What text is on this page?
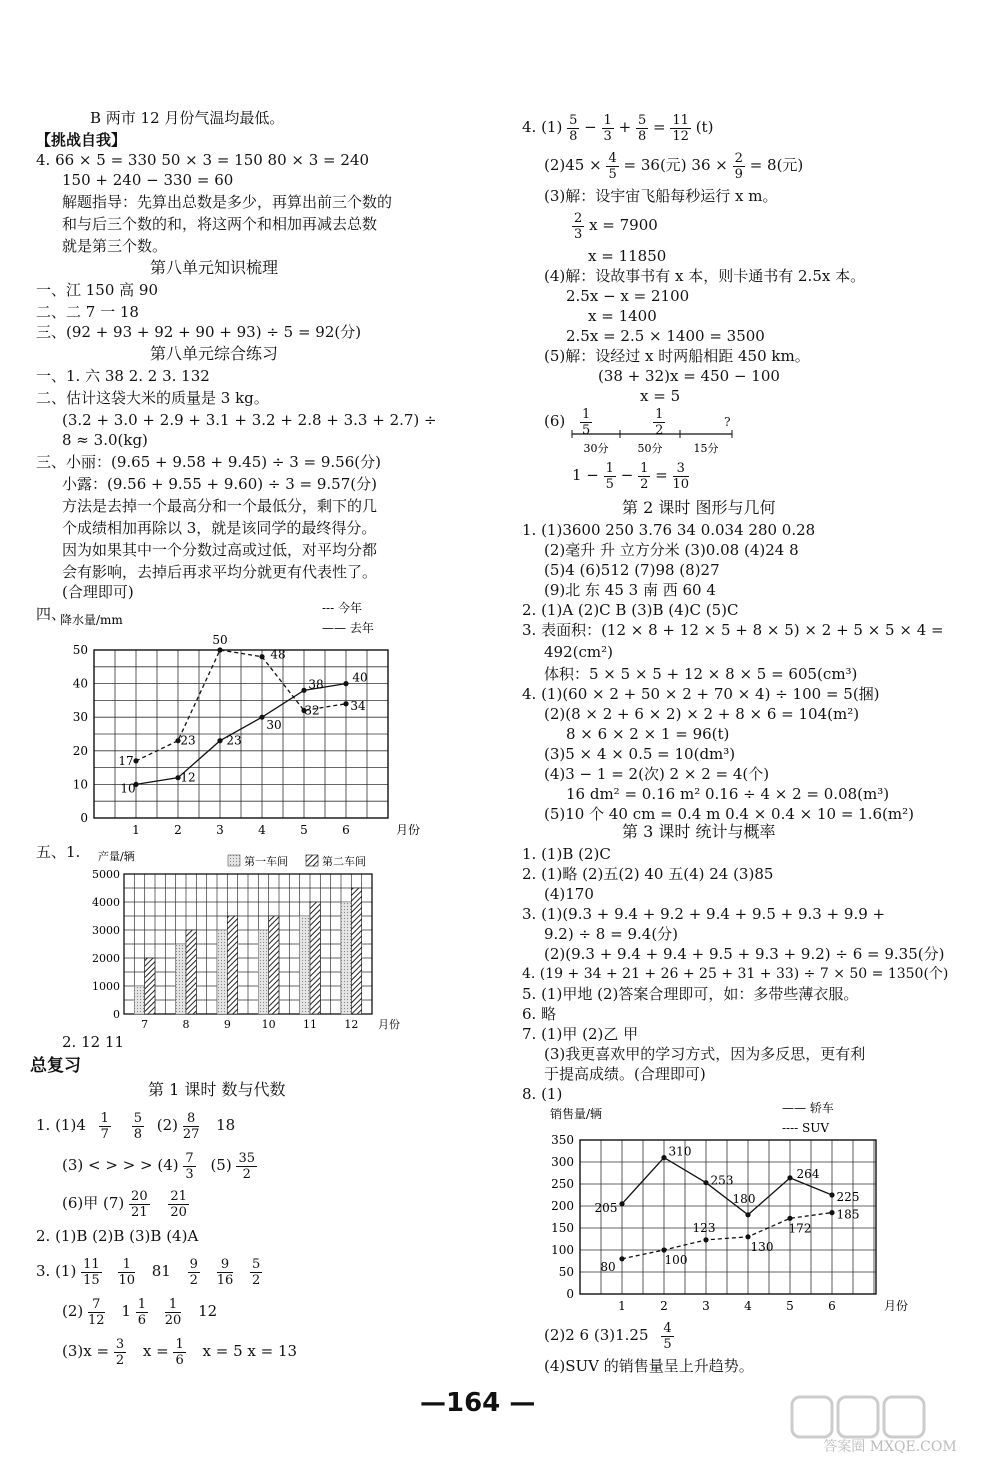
B 两市 12 月份气温均最低。
【挑战自我】
4. 66 × 5 = 330 50 × 3 = 150 80 × 3 = 240
150 + 240 − 330 = 60
解题指导：先算出总数是多少，再算出前三个数的
和与后三个数的和，将这两个和相加再减去总数
就是第三个数。
第八单元知识梳理
一、江 150 高 90
二、二 7 一 18
三、(92 + 93 + 92 + 90 + 93) ÷ 5 = 92(分)
第八单元综合练习
一、1. 六 38 2. 2 3. 132
二、估计这袋大米的质量是 3 kg。
(3.2 + 3.0 + 2.9 + 3.1 + 3.2 + 2.8 + 3.3 + 2.7) ÷
8 ≈ 3.0(kg)
三、小丽：(9.65 + 9.58 + 9.45) ÷ 3 = 9.56(分)
小露：(9.56 + 9.55 + 9.60) ÷ 3 = 9.57(分)
方法是去掉一个最高分和一个最低分，剩下的几
个成绩相加再除以 3，就是该同学的最终得分。
因为如果其中一个分数过高或过低，对平均分都
会有影响，去掉后再求平均分就更有代表性了。
(合理即可)
四、
0
10
20
30
40
50
1	2	3	4	5	6
降水量/mm
月份
17
23
50
48
32	34
10
12
23
30
38 40
--- 今年
—— 去年
五、1.
0
1000
2000
3000
4000
5000
7	8	9	10 11 12
产量/辆
月份
第一车间	第二车间
2. 12 11
总复习
第 1 课时 数与代数
1. $(1)4 \frac{1}{7}$
$\frac{5}{8} (2) \frac{8}{27} 18$
(3) < > > > $(4) \frac{7}{3} (5) \frac{35}{2}$
(6)甲 $(7) \frac{20}{21}$
$\frac{21}{20}$
2. (1)B (2)B (3)B (4)A
3. $(1) \frac{11}{15}$
$\frac{1}{10} 81 \frac{9}{2}$
$\frac{9}{16}$
$\frac{5}{2}$
$(2) \frac{7}{12} 1 \frac{1}{6}$
$\frac{1}{20} 12$
$(3)x = \frac{3}{2}$ $x = \frac{1}{6}$ x = 5 x = 13
4. $(1) \frac{5}{8} - \frac{1}{3} + \frac{5}{8} = \frac{11}{12} (t)$
$(2)45 \times \frac{4}{5} = 36$(元) $36 \times \frac{2}{9} = 8$(元)
(3)解：设宇宙飞船每秒运行 x m。
$\frac{2}{3}$ x = 7900
x = 11850
(4)解：设故事书有 x 本，则卡通书有 2.5x 本。
2.5x − x = 2100
x = 1400
2.5x = 2.5 × 1400 = 3500
(5)解：设经过 x 时两船相距 450 km。
(38 + 32)x = 450 − 100
x = 5
$(6) \frac{1}{5}$
	$\frac{1}{2}$	?
30分	50分	15分
$1 - \frac{1}{5} - \frac{1}{2} = \frac{3}{10}$
第 2 课时 图形与几何
1. (1)3600 250 3.76 34 0.034 280 0.28
(2)毫升 升 立方分米 (3)0.08 (4)24 8
(5)4 (6)512 (7)98 (8)27
(9)北 东 45 3 南 西 60 4
2. (1)A (2)C B (3)B (4)C (5)C
3. 表面积：(12 × 8 + 12 × 5 + 8 × 5) × 2 + 5 × 5 × 4 =
492(cm²)
体积：5 × 5 × 5 + 12 × 8 × 5 = 605(cm³)
4. (1)(60 × 2 + 50 × 2 + 70 × 4) ÷ 100 = 5(捆)
(2)(8 × 2 + 6 × 2) × 2 + 8 × 6 = 104(m²)
8 × 6 × 2 × 1 = 96(t)
(3)5 × 4 × 0.5 = 10(dm³)
(4)3 − 1 = 2(次) 2 × 2 = 4(个)
16 dm² = 0.16 m² 0.16 ÷ 4 × 2 = 0.08(m³)
(5)10 个 40 cm = 0.4 m 0.4 × 0.4 × 10 = 1.6(m²)
第 3 课时 统计与概率
1. (1)B (2)C
2. (1)略 (2)五(2) 40 五(4) 24 (3)85
(4)170
3. (1)(9.3 + 9.4 + 9.2 + 9.4 + 9.5 + 9.3 + 9.9 +
9.2) ÷ 8 = 9.4(分)
(2)(9.3 + 9.4 + 9.4 + 9.5 + 9.3 + 9.2) ÷ 6 = 9.35(分)
4. (19 + 34 + 21 + 26 + 25 + 31 + 33) ÷ 7 × 50 = 1350(个)
5. (1)甲地 (2)答案合理即可，如：多带些薄衣服。
6. 略
7. (1)甲 (2)乙 甲
(3)我更喜欢甲的学习方式，因为多反思，更有利
于提高成绩。(合理即可)
8. (1)
0
50
100
150
200
250
300
350
1	2	3	4	5	6
销售量/辆
月份
205
310
253
180
264
225
80	100
123
130
172
185
—— 轿车
---- SUV
(2)2 6 $(3)1.25 \frac{4}{5}$
(4)SUV 的销售量呈上升趋势。
—164 —
答案圈 MXQE.COM
